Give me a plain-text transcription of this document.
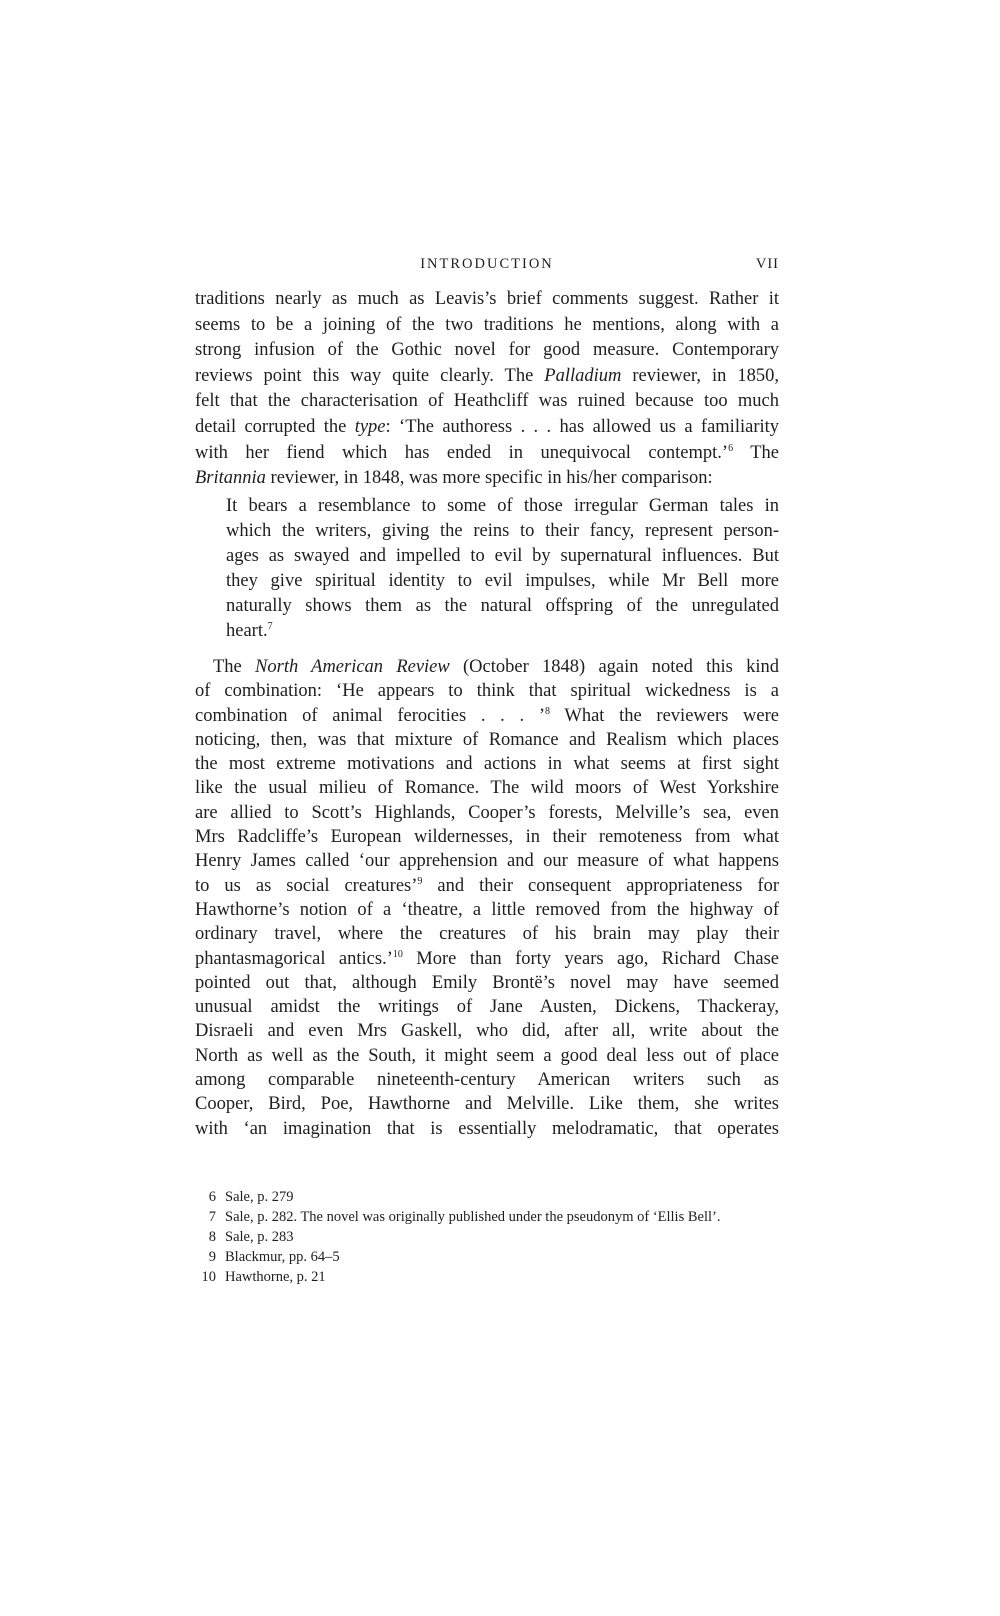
INTRODUCTION	VII
traditions nearly as much as Leavis’s brief comments suggest. Rather it
seems to be a joining of the two traditions he mentions, along with a
strong infusion of the Gothic novel for good measure. Contemporary
reviews point this way quite clearly. The Palladium reviewer, in 1850,
felt that the characterisation of Heathcliff was ruined because too much
detail corrupted the type: ‘The authoress . . . has allowed us a familiarity
with her fiend which has ended in unequivocal contempt.’$^6$ The
Britannia reviewer, in 1848, was more specific in his/her comparison:
It bears a resemblance to some of those irregular German tales in
which the writers, giving the reins to their fancy, represent person-
ages as swayed and impelled to evil by supernatural influences. But
they give spiritual identity to evil impulses, while Mr Bell more
naturally shows them as the natural offspring of the unregulated
heart.$^7$
The North American Review (October 1848) again noted this kind
of combination: ‘He appears to think that spiritual wickedness is a
combination of animal ferocities . . . ’$^8$ What the reviewers were
noticing, then, was that mixture of Romance and Realism which places
the most extreme motivations and actions in what seems at first sight
like the usual milieu of Romance. The wild moors of West Yorkshire
are allied to Scott’s Highlands, Cooper’s forests, Melville’s sea, even
Mrs Radcliffe’s European wildernesses, in their remoteness from what
Henry James called ‘our apprehension and our measure of what happens
to us as social creatures’$^9$ and their consequent appropriateness for
Hawthorne’s notion of a ‘theatre, a little removed from the highway of
ordinary travel, where the creatures of his brain may play their
phantasmagorical antics.’$^{10}$ More than forty years ago, Richard Chase
pointed out that, although Emily Brontë’s novel may have seemed
unusual amidst the writings of Jane Austen, Dickens, Thackeray,
Disraeli and even Mrs Gaskell, who did, after all, write about the
North as well as the South, it might seem a good deal less out of place
among comparable nineteenth-century American writers such as
Cooper, Bird, Poe, Hawthorne and Melville. Like them, she writes
with ‘an imagination that is essentially melodramatic, that operates
6 Sale, p. 279
7 Sale, p. 282. The novel was originally published under the pseudonym of ‘Ellis Bell’.
8 Sale, p. 283
9 Blackmur, pp. 64–5
10 Hawthorne, p. 21
